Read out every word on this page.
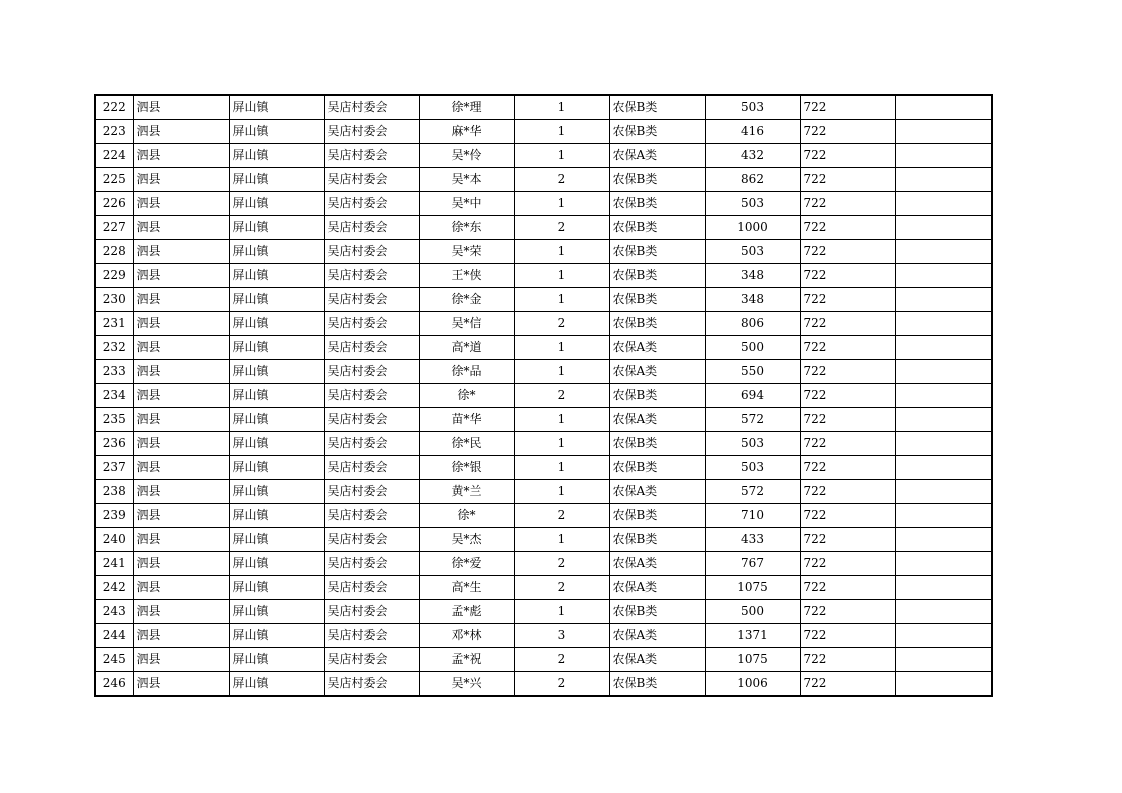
222	泗县	屏山镇	吴店村委会	徐*理	1	农保B类	503	722	
223	泗县	屏山镇	吴店村委会	麻*华	1	农保B类	416	722	
224	泗县	屏山镇	吴店村委会	吴*伶	1	农保A类	432	722	
225	泗县	屏山镇	吴店村委会	吴*本	2	农保B类	862	722	
226	泗县	屏山镇	吴店村委会	吴*中	1	农保B类	503	722	
227	泗县	屏山镇	吴店村委会	徐*东	2	农保B类	1000	722	
228	泗县	屏山镇	吴店村委会	吴*荣	1	农保B类	503	722	
229	泗县	屏山镇	吴店村委会	王*侠	1	农保B类	348	722	
230	泗县	屏山镇	吴店村委会	徐*金	1	农保B类	348	722	
231	泗县	屏山镇	吴店村委会	吴*信	2	农保B类	806	722	
232	泗县	屏山镇	吴店村委会	高*道	1	农保A类	500	722	
233	泗县	屏山镇	吴店村委会	徐*品	1	农保A类	550	722	
234	泗县	屏山镇	吴店村委会	徐*	2	农保B类	694	722	
235	泗县	屏山镇	吴店村委会	苗*华	1	农保A类	572	722	
236	泗县	屏山镇	吴店村委会	徐*民	1	农保B类	503	722	
237	泗县	屏山镇	吴店村委会	徐*银	1	农保B类	503	722	
238	泗县	屏山镇	吴店村委会	黄*兰	1	农保A类	572	722	
239	泗县	屏山镇	吴店村委会	徐*	2	农保B类	710	722	
240	泗县	屏山镇	吴店村委会	吴*杰	1	农保B类	433	722	
241	泗县	屏山镇	吴店村委会	徐*爱	2	农保A类	767	722	
242	泗县	屏山镇	吴店村委会	高*生	2	农保A类	1075	722	
243	泗县	屏山镇	吴店村委会	孟*彪	1	农保B类	500	722	
244	泗县	屏山镇	吴店村委会	邓*林	3	农保A类	1371	722	
245	泗县	屏山镇	吴店村委会	孟*祝	2	农保A类	1075	722	
246	泗县	屏山镇	吴店村委会	吴*兴	2	农保B类	1006	722	
